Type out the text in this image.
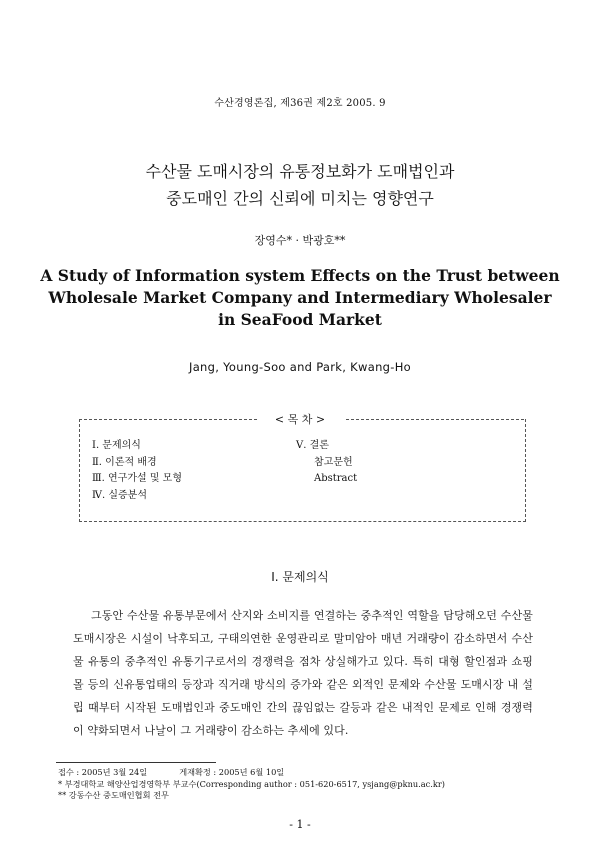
수산경영론집, 제36권 제2호 2005. 9
수산물 도매시장의 유통정보화가 도매법인과
중도매인 간의 신뢰에 미치는 영향연구
장영수* · 박광호**
A Study of Information system Effects on the Trust between
Wholesale Market Company and Intermediary Wholesaler
in SeaFood Market
Jang, Young-Soo and Park, Kwang-Ho
< 목 차 >
Ⅰ. 문제의식
Ⅱ. 이론적 배경
Ⅲ. 연구가설 및 모형
Ⅳ. 실증분석
Ⅴ. 결론
참고문헌
Abstract
Ⅰ. 문제의식
그동안 수산물 유통부문에서 산지와 소비지를 연결하는 중추적인 역할을 담당해오던 수산물 도매시장은 시설이 낙후되고, 구태의연한 운영관리로 말미암아 매년 거래량이 감소하면서 수산물 유통의 중추적인 유통기구로서의 경쟁력을 점차 상실해가고 있다. 특히 대형 할인점과 쇼핑몰 등의 신유통업태의 등장과 직거래 방식의 증가와 같은 외적인 문제와 수산물 도매시장 내 설립 때부터 시작된 도매법인과 중도매인 간의 끊임없는 갈등과 같은 내적인 문제로 인해 경쟁력이 약화되면서 나날이 그 거래량이 감소하는 추세에 있다.
접수 : 2005년 3월 24일	게재확정 : 2005년 6월 10일
* 부경대학교 해양산업경영학부 부교수(Corresponding author : 051-620-6517, ysjang@pknu.ac.kr)
** 강동수산 중도매인협회 전무
- 1 -
